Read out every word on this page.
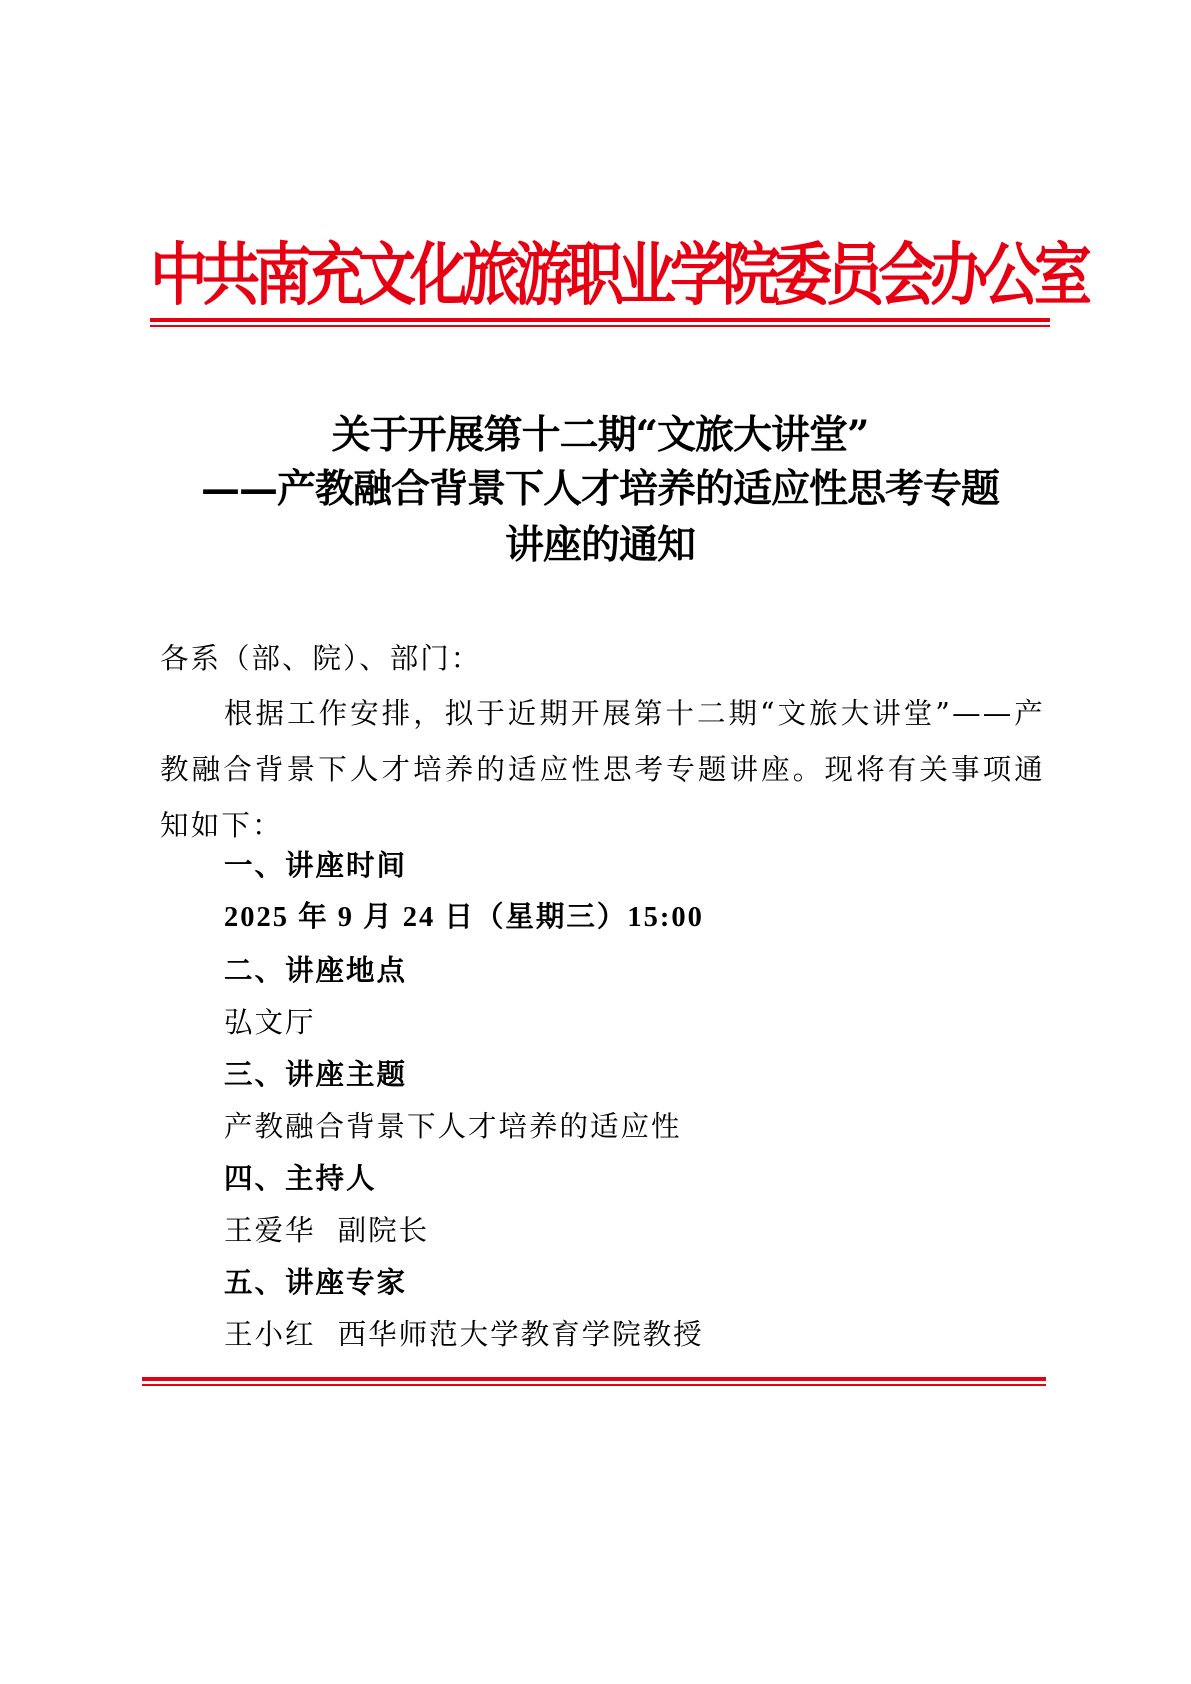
中共南充文化旅游职业学院委员会办公室
关于开展第十二期“文旅大讲堂”
——产教融合背景下人才培养的适应性思考专题
讲座的通知
各系（部、院）、部门：
根据工作安排，拟于近期开展第十二期“文旅大讲堂”——产教融合背景下人才培养的适应性思考专题讲座。现将有关事项通知如下：
一、讲座时间
2025 年 9 月 24 日（星期三）15:00
二、讲座地点
弘文厅
三、讲座主题
产教融合背景下人才培养的适应性
四、主持人
王爱华  副院长
五、讲座专家
王小红  西华师范大学教育学院教授
